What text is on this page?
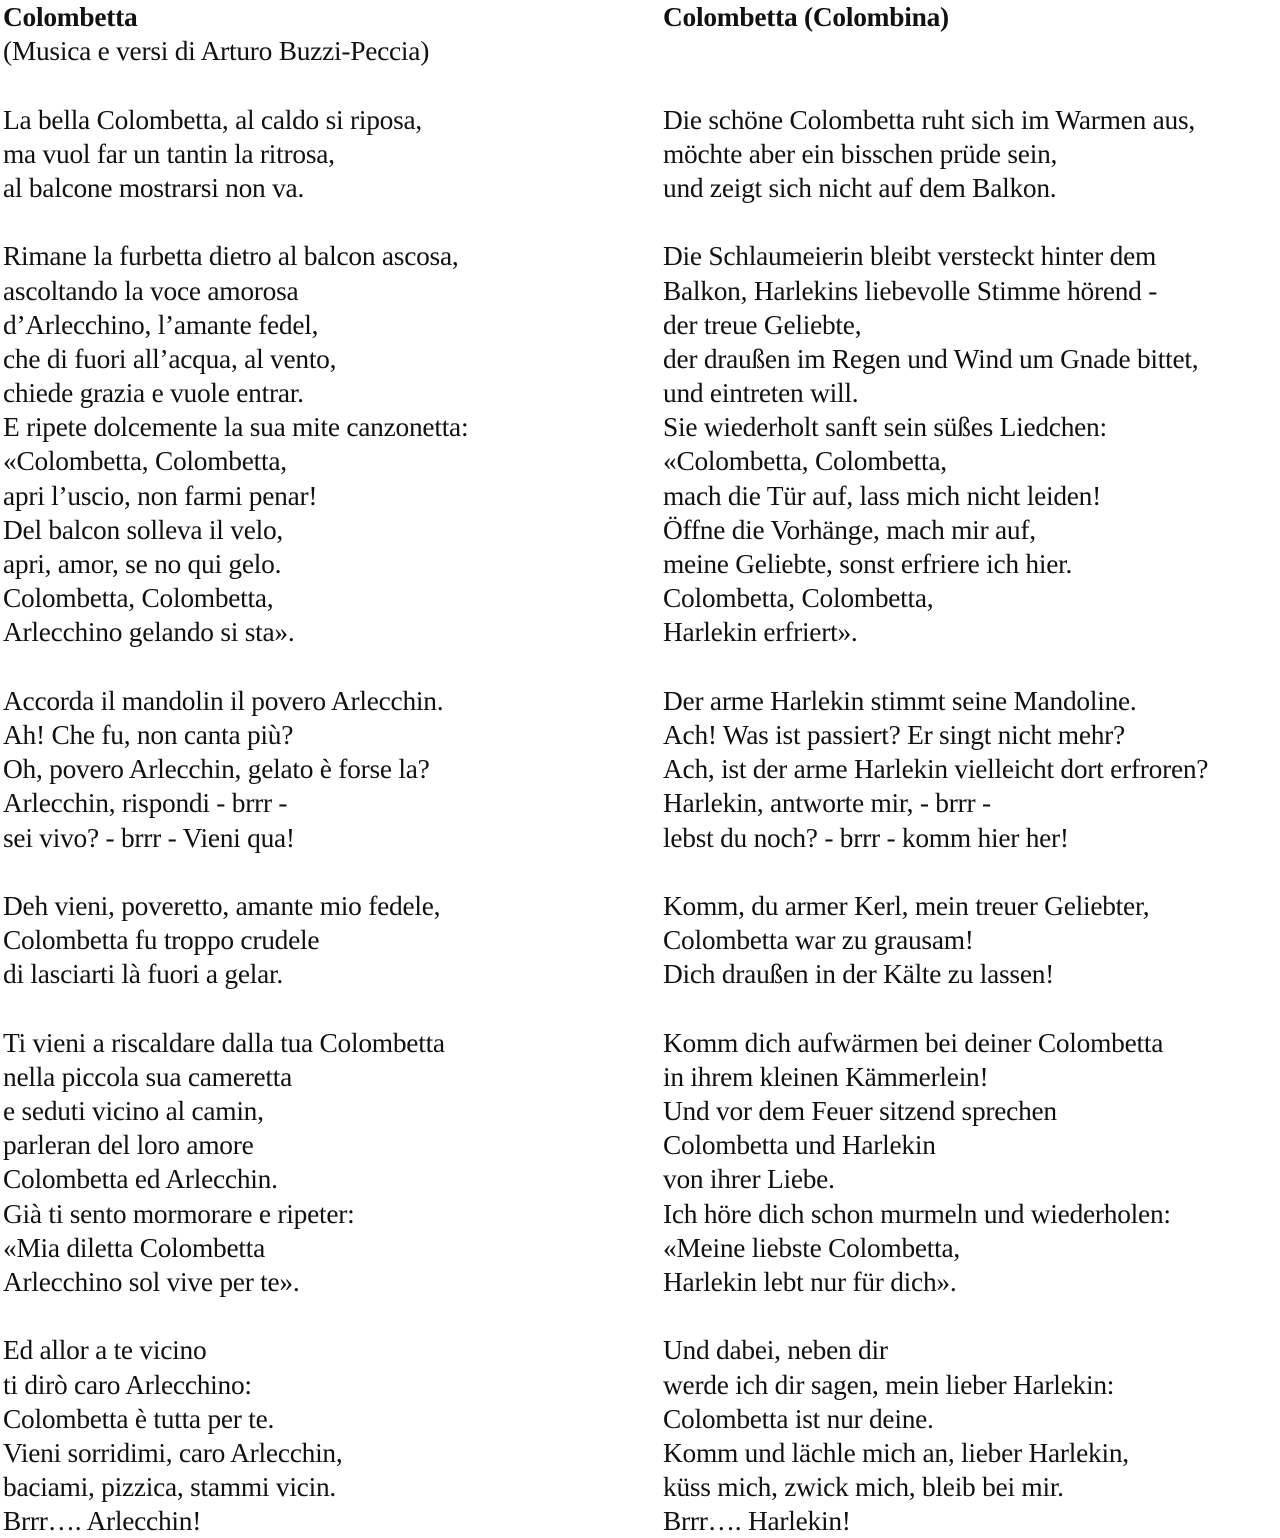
Colombetta
(Musica e versi di Arturo Buzzi-Peccia)
La bella Colombetta, al caldo si riposa,
ma vuol far un tantin la ritrosa,
al balcone mostrarsi non va.
Rimane la furbetta dietro al balcon ascosa,
ascoltando la voce amorosa
d’Arlecchino, l’amante fedel,
che di fuori all’acqua, al vento,
chiede grazia e vuole entrar.
E ripete dolcemente la sua mite canzonetta:
«Colombetta, Colombetta,
apri l’uscio, non farmi penar!
Del balcon solleva il velo,
apri, amor, se no qui gelo.
Colombetta, Colombetta,
Arlecchino gelando si sta».
Accorda il mandolin il povero Arlecchin.
Ah! Che fu, non canta più?
Oh, povero Arlecchin, gelato è forse la?
Arlecchin, rispondi - brrr -
sei vivo? - brrr - Vieni qua!
Deh vieni, poveretto, amante mio fedele,
Colombetta fu troppo crudele
di lasciarti là fuori a gelar.
Ti vieni a riscaldare dalla tua Colombetta
nella piccola sua cameretta
e seduti vicino al camin,
parleran del loro amore
Colombetta ed Arlecchin.
Già ti sento mormorare e ripeter:
«Mia diletta Colombetta
Arlecchino sol vive per te».
Ed allor a te vicino
ti dirò caro Arlecchino:
Colombetta è tutta per te.
Vieni sorridimi, caro Arlecchin,
baciami, pizzica, stammi vicin.
Brrr…. Arlecchin!
Colombetta (Colombina)
Die schöne Colombetta ruht sich im Warmen aus,
möchte aber ein bisschen prüde sein,
und zeigt sich nicht auf dem Balkon.
Die Schlaumeierin bleibt versteckt hinter dem
Balkon, Harlekins liebevolle Stimme hörend -
der treue Geliebte,
der draußen im Regen und Wind um Gnade bittet,
und eintreten will.
Sie wiederholt sanft sein süßes Liedchen:
«Colombetta, Colombetta,
mach die Tür auf, lass mich nicht leiden!
Öffne die Vorhänge, mach mir auf,
meine Geliebte, sonst erfriere ich hier.
Colombetta, Colombetta,
Harlekin erfriert».
Der arme Harlekin stimmt seine Mandoline.
Ach! Was ist passiert? Er singt nicht mehr?
Ach, ist der arme Harlekin vielleicht dort erfroren?
Harlekin, antworte mir, - brrr -
lebst du noch? - brrr - komm hier her!
Komm, du armer Kerl, mein treuer Geliebter,
Colombetta war zu grausam!
Dich draußen in der Kälte zu lassen!
Komm dich aufwärmen bei deiner Colombetta
in ihrem kleinen Kämmerlein!
Und vor dem Feuer sitzend sprechen
Colombetta und Harlekin
von ihrer Liebe.
Ich höre dich schon murmeln und wiederholen:
«Meine liebste Colombetta,
Harlekin lebt nur für dich».
Und dabei, neben dir
werde ich dir sagen, mein lieber Harlekin:
Colombetta ist nur deine.
Komm und lächle mich an, lieber Harlekin,
küss mich, zwick mich, bleib bei mir.
Brrr…. Harlekin!
